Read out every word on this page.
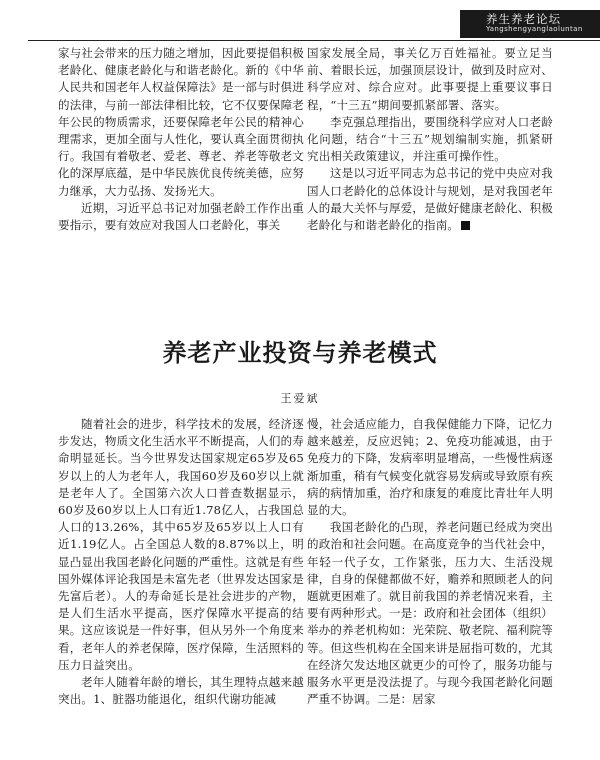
养生养老论坛
Yangshengyanglaoluntan

家与社会带来的压力随之增加，因此要提倡积极老龄化、健康老龄化与和谐老龄化。新的《中华人民共和国老年人权益保障法》是一部与时俱进的法律，与前一部法律相比较，它不仅要保障老年公民的物质需求，还要保障老年公民的精神心理需求，更加全面与人性化，要认真全面贯彻执行。我国有着敬老、爱老、尊老、养老等敬老文化的深厚底蕴，是中华民族优良传统美德，应努力继承，大力弘扬、发扬光大。

近期，习近平总书记对加强老龄工作作出重要指示，要有效应对我国人口老龄化，事关

国家发展全局，事关亿万百姓福祉。要立足当前、着眼长远，加强顶层设计，做到及时应对、科学应对、综合应对。此事要提上重要议事日程，“十三五”期间要抓紧部署、落实。

李克强总理指出，要围绕科学应对人口老龄化问题，结合“十三五”规划编制实施，抓紧研究出相关政策建议，并注重可操作性。

这是以习近平同志为总书记的党中央应对我国人口老龄化的总体设计与规划，是对我国老年人的最大关怀与厚爱，是做好健康老龄化、积极老龄化与和谐老龄化的指南。

养老产业投资与养老模式
王爱斌

随着社会的进步，科学技术的发展，经济逐步发达，物质文化生活水平不断提高，人们的寿命明显延长。当今世界发达国家规定65岁及65岁以上的人为老年人，我国60岁及60岁以上就是老年人了。全国第六次人口普查数据显示，60岁及60岁以上人口有近1.78亿人，占我国总人口的13.26%，其中65岁及65岁以上人口有近1.19亿人。占全国总人数的8.87%以上，明显凸显出我国老龄化问题的严重性。这就是有些国外媒体评论我国是未富先老（世界发达国家是先富后老）。人的寿命延长是社会进步的产物，是人们生活水平提高，医疗保障水平提高的结果。这应该说是一件好事，但从另外一个角度来看，老年人的养老保障，医疗保障，生活照料的压力日益突出。

老年人随着年龄的增长，其生理特点越来越突出。1、脏器功能退化，组织代谢功能减

慢，社会适应能力，自我保健能力下降，记忆力越来越差，反应迟钝；2、免疫功能减退，由于免疫力的下降，发病率明显增高，一些慢性病逐渐加重，稍有气候变化就容易发病或导致原有疾病的病情加重，治疗和康复的难度比青壮年人明显的大。

我国老龄化的凸现，养老问题已经成为突出的政治和社会问题。在高度竞争的当代社会中，年轻一代子女，工作紧张，压力大、生活没规律，自身的保健都做不好，赡养和照顾老人的问题就更困难了。就目前我国的养老情况来看，主要有两种形式。一是：政府和社会团体（组织）举办的养老机构如：光荣院、敬老院、福利院等等。但这些机构在全国来讲是屈指可数的，尤其在经济欠发达地区就更少的可怜了，服务功能与服务水平更是没法提了。与现今我国老龄化问题严重不协调。二是：居家
